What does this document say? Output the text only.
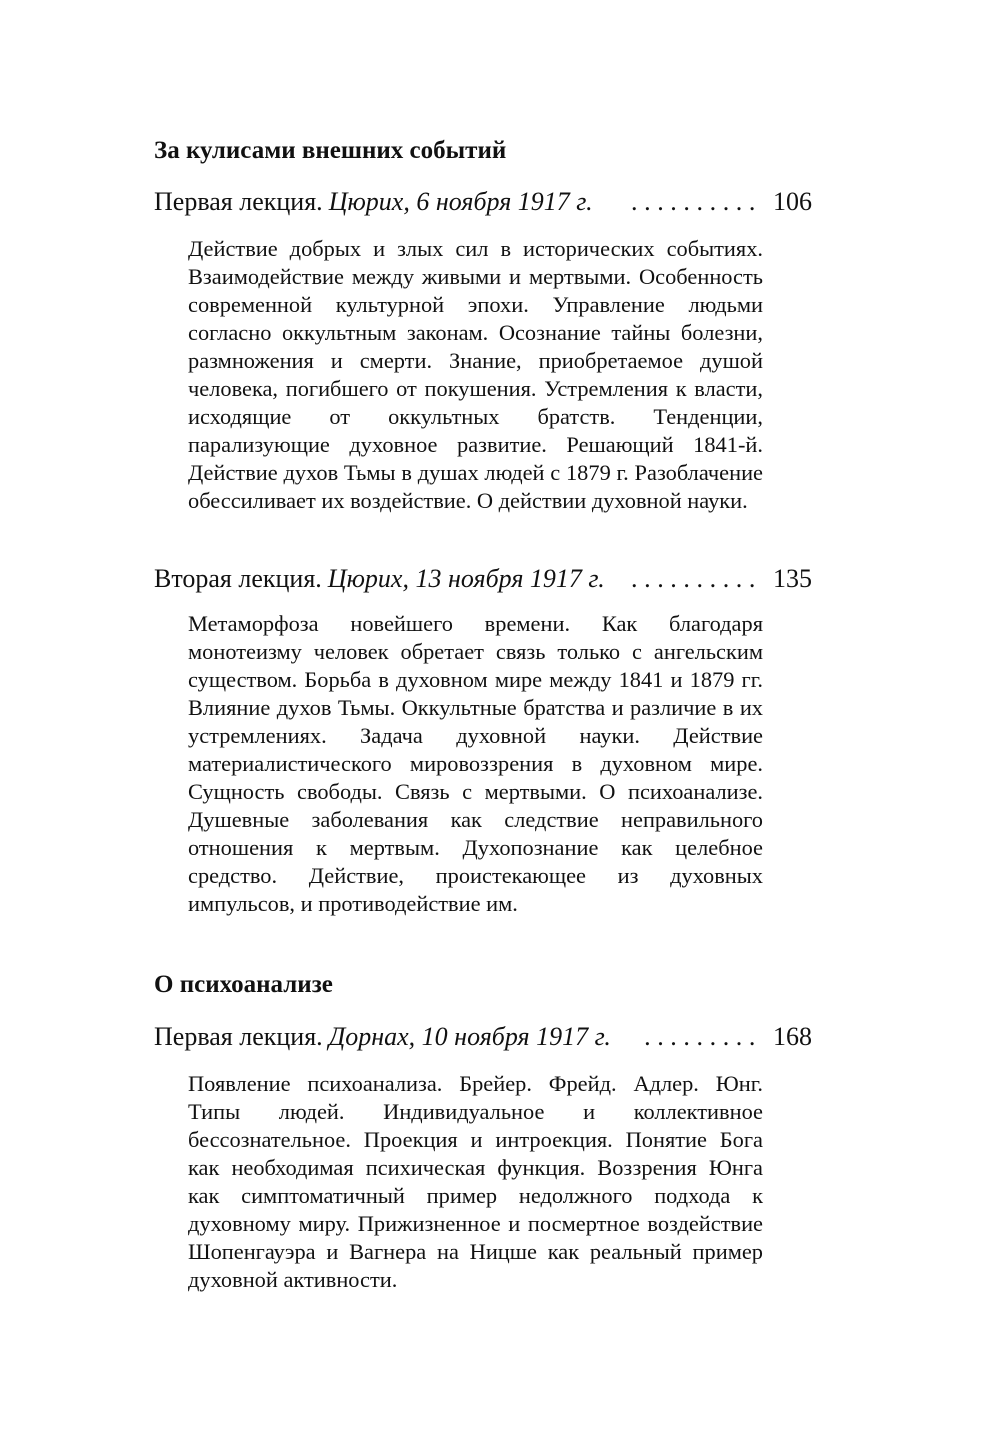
За кулисами внешних событий
Первая лекция. Цюрих, 6 ноября 1917 г.	.......... 106
Действие добрых и злых сил в исторических событиях. Взаимодействие между живыми и мертвыми. Особенность современной культурной эпохи. Управление людьми согласно оккультным законам. Осознание тайны болезни, размножения и смерти. Знание, приобретаемое душой человека, погибшего от покушения. Устремления к власти, исходящие от оккультных братств. Тенденции, парализующие духовное развитие. Решающий 1841-й. Действие духов Тьмы в душах людей с 1879 г. Разоблачение обессиливает их воздействие. О действии духовной науки.
Вторая лекция. Цюрих, 13 ноября 1917 г.	.......... 135
Метаморфоза новейшего времени. Как благодаря монотеизму человек обретает связь только с ангельским существом. Борьба в духовном мире между 1841 и 1879 гг. Влияние духов Тьмы. Оккультные братства и различие в их устремлениях. Задача духовной науки. Действие материалистического мировоззрения в духовном мире. Сущность свободы. Связь с мертвыми. О психоанализе. Душевные заболевания как следствие неправильного отношения к мертвым. Духопознание как целебное средство. Действие, проистекающее из духовных импульсов, и противодействие им.
О психоанализе
Первая лекция. Дорнах, 10 ноября 1917 г.	......... 168
Появление психоанализа. Брейер. Фрейд. Адлер. Юнг. Типы людей. Индивидуальное и коллективное бессознательное. Проекция и интроекция. Понятие Бога как необходимая психическая функция. Воззрения Юнга как симптоматичный пример недолжного подхода к духовному миру. Прижизненное и посмертное воздействие Шопенгауэра и Вагнера на Ницше как реальный пример духовной активности.
